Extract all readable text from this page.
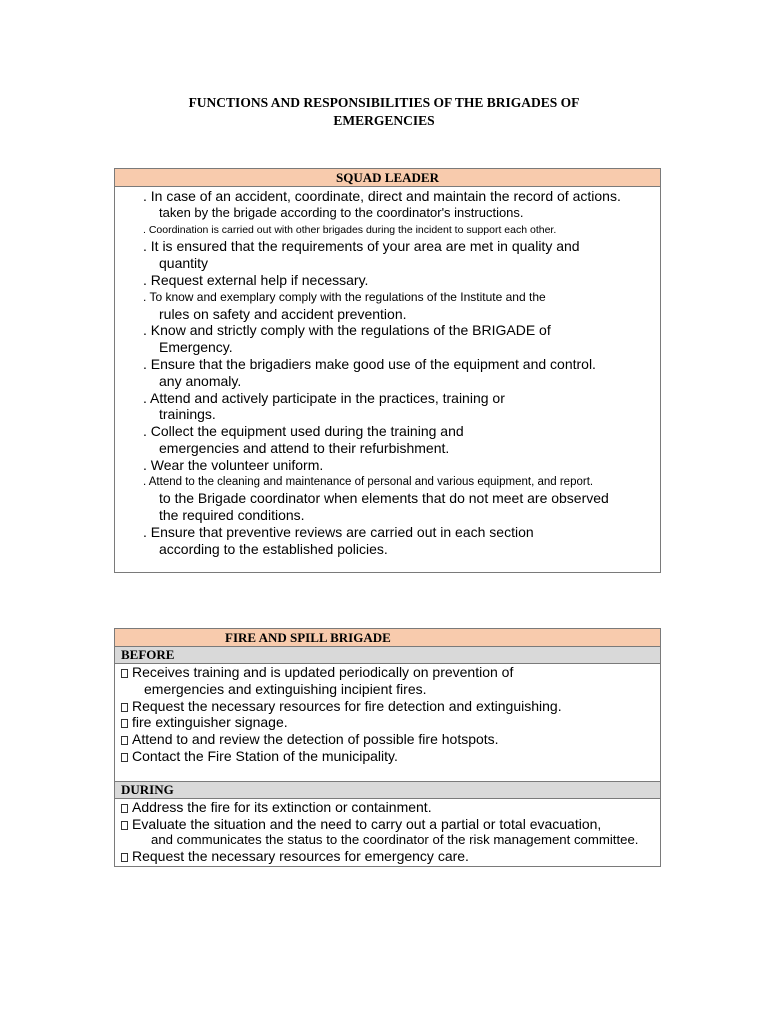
FUNCTIONS AND RESPONSIBILITIES OF THE BRIGADES OF
EMERGENCIES
SQUAD LEADER
. In case of an accident, coordinate, direct and maintain the record of actions.
taken by the brigade according to the coordinator's instructions.
. Coordination is carried out with other brigades during the incident to support each other.
. It is ensured that the requirements of your area are met in quality and
quantity
. Request external help if necessary.
. To know and exemplary comply with the regulations of the Institute and the
rules on safety and accident prevention.
. Know and strictly comply with the regulations of the BRIGADE of
Emergency.
. Ensure that the brigadiers make good use of the equipment and control.
any anomaly.
. Attend and actively participate in the practices, training or
trainings.
. Collect the equipment used during the training and
emergencies and attend to their refurbishment.
. Wear the volunteer uniform.
. Attend to the cleaning and maintenance of personal and various equipment, and report.
to the Brigade coordinator when elements that do not meet are observed
the required conditions.
. Ensure that preventive reviews are carried out in each section
according to the established policies.
FIRE AND SPILL BRIGADE
BEFORE
Receives training and is updated periodically on prevention of
emergencies and extinguishing incipient fires.
Request the necessary resources for fire detection and extinguishing.
fire extinguisher signage.
Attend to and review the detection of possible fire hotspots.
Contact the Fire Station of the municipality.
DURING
Address the fire for its extinction or containment.
Evaluate the situation and the need to carry out a partial or total evacuation,
and communicates the status to the coordinator of the risk management committee.
Request the necessary resources for emergency care.
